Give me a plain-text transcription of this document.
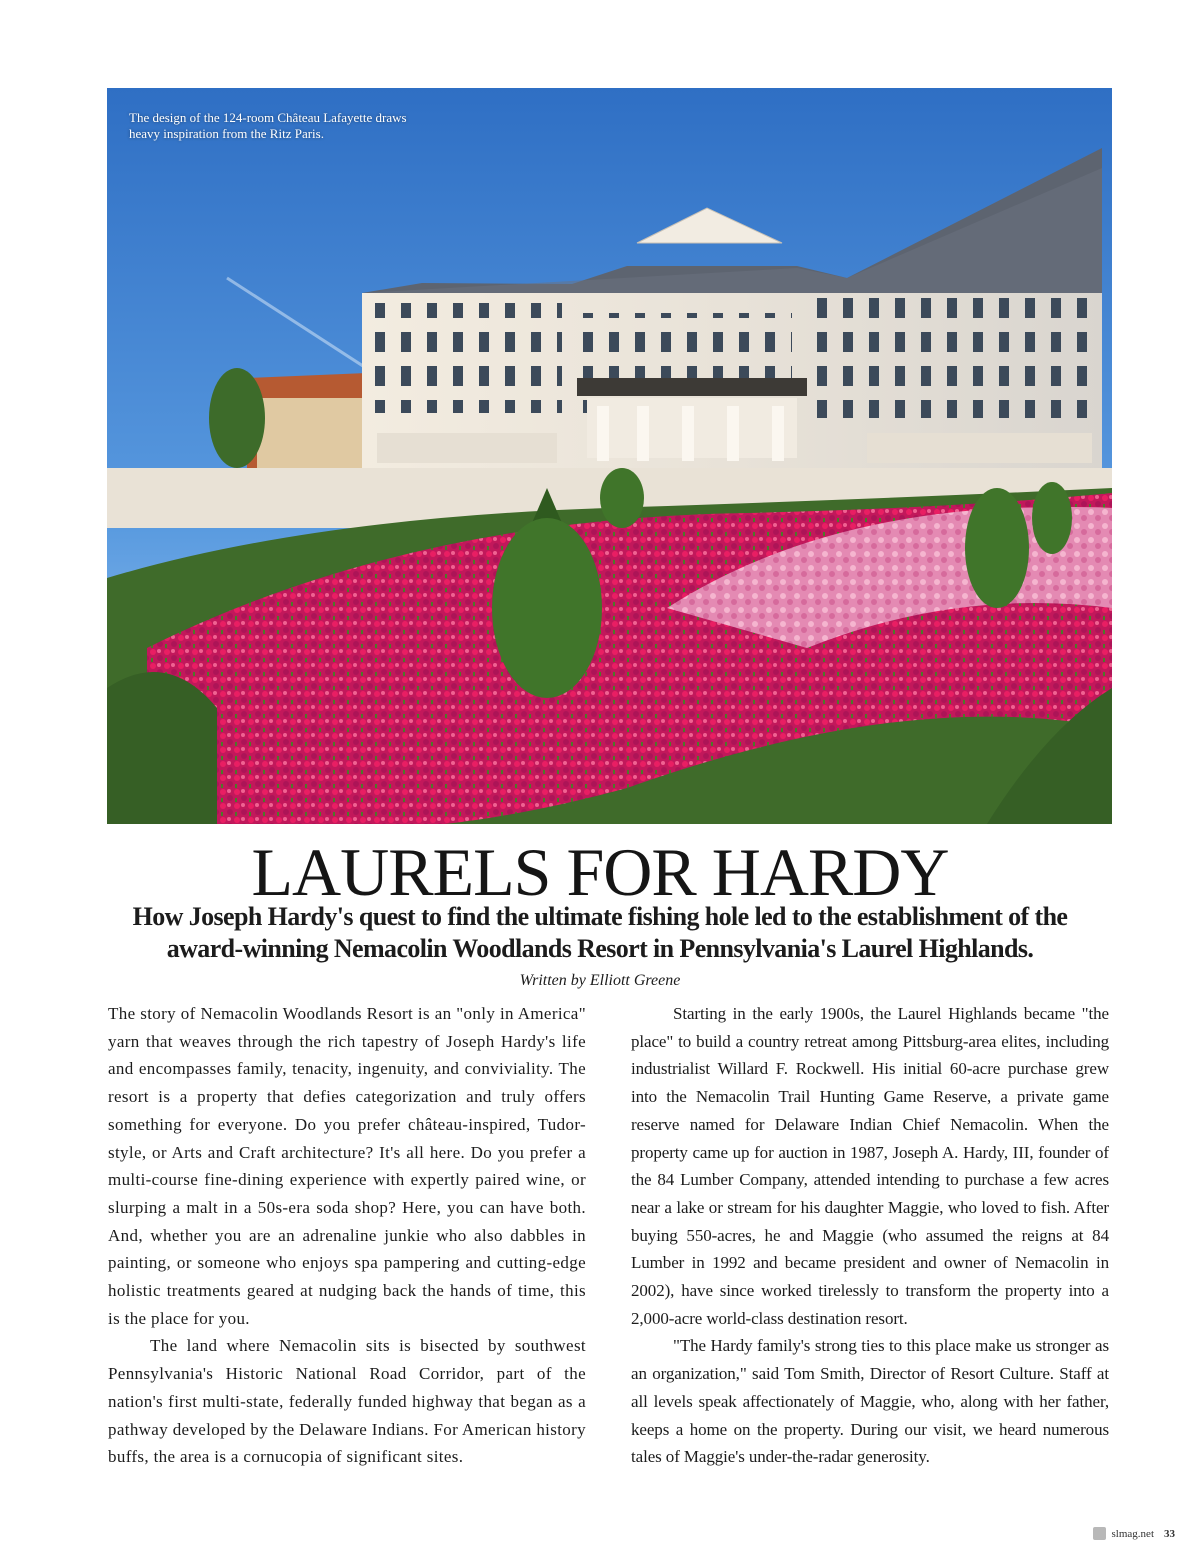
The design of the 124-room Château Lafayette draws heavy inspiration from the Ritz Paris.
LAURELS FOR HARDY
How Joseph Hardy's quest to find the ultimate fishing hole led to the establishment of the award-winning Nemacolin Woodlands Resort in Pennsylvania's Laurel Highlands.
Written by Elliott Greene

The story of Nemacolin Woodlands Resort is an "only in America" yarn that weaves through the rich tapestry of Joseph Hardy's life and encompasses family, tenacity, ingenuity, and conviviality. The resort is a property that defies categorization and truly offers something for everyone. Do you prefer château-inspired, Tudor-style, or Arts and Craft architecture? It's all here. Do you prefer a multi-course fine-dining experience with expertly paired wine, or slurping a malt in a 50s-era soda shop? Here, you can have both. And, whether you are an adrenaline junkie who also dabbles in painting, or someone who enjoys spa pampering and cutting-edge holistic treatments geared at nudging back the hands of time, this is the place for you.

The land where Nemacolin sits is bisected by southwest Pennsylvania's Historic National Road Corridor, part of the nation's first multi-state, federally funded highway that began as a pathway developed by the Delaware Indians. For American history buffs, the area is a cornucopia of significant sites.

Starting in the early 1900s, the Laurel Highlands became "the place" to build a country retreat among Pittsburg-area elites, including industrialist Willard F. Rockwell. His initial 60-acre purchase grew into the Nemacolin Trail Hunting Game Reserve, a private game reserve named for Delaware Indian Chief Nemacolin. When the property came up for auction in 1987, Joseph A. Hardy, III, founder of the 84 Lumber Company, attended intending to purchase a few acres near a lake or stream for his daughter Maggie, who loved to fish. After buying 550-acres, he and Maggie (who assumed the reigns at 84 Lumber in 1992 and became president and owner of Nemacolin in 2002), have since worked tirelessly to transform the property into a 2,000-acre world-class destination resort.

"The Hardy family's strong ties to this place make us stronger as an organization," said Tom Smith, Director of Resort Culture. Staff at all levels speak affectionately of Maggie, who, along with her father, keeps a home on the property. During our visit, we heard numerous tales of Maggie's under-the-radar generosity.

slmag.net 33
